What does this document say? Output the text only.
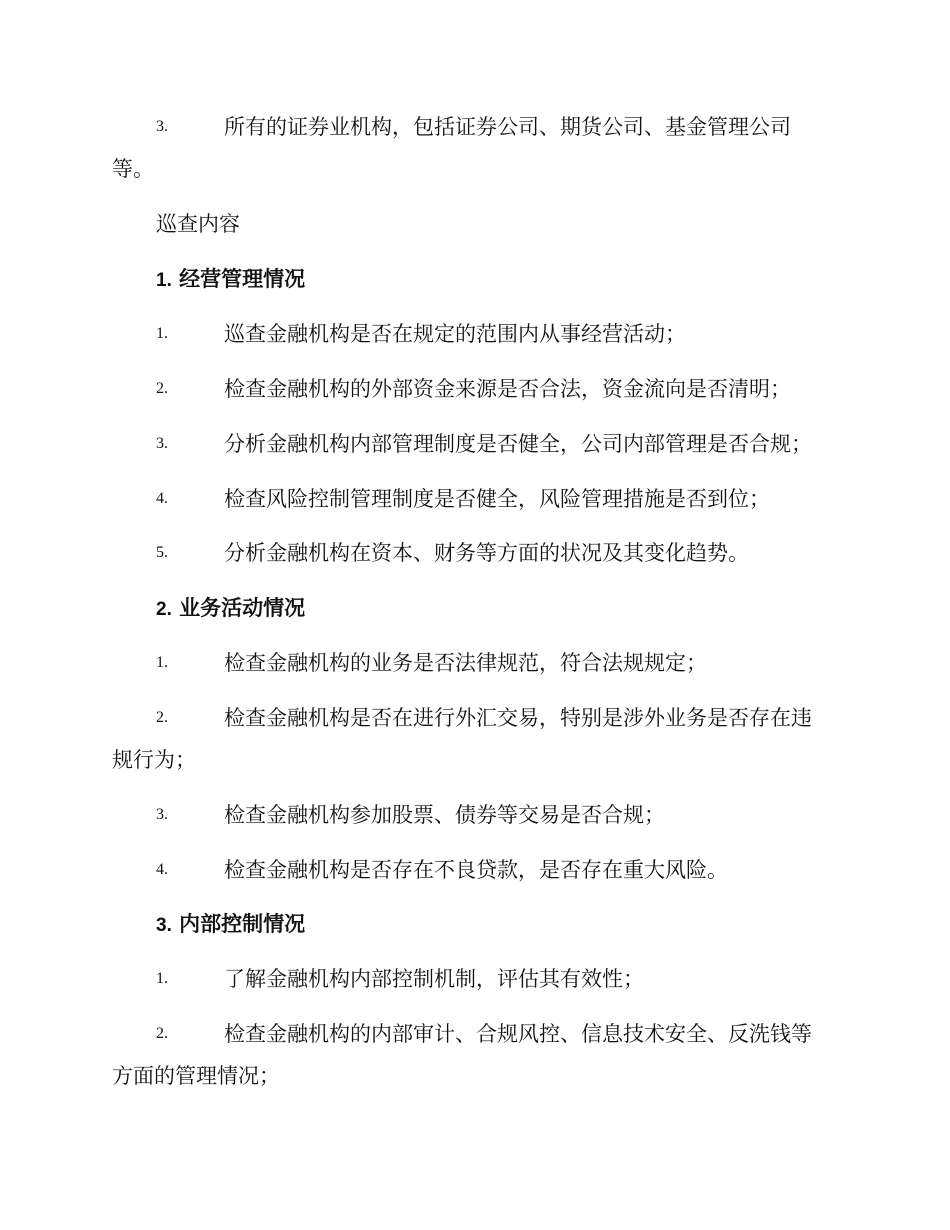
3.	所有的证券业机构，包括证券公司、期货公司、基金管理公司
等。
巡查内容
1. 经营管理情况
1.	巡查金融机构是否在规定的范围内从事经营活动；
2.	检查金融机构的外部资金来源是否合法，资金流向是否清明；
3.	分析金融机构内部管理制度是否健全，公司内部管理是否合规；
4.	检查风险控制管理制度是否健全，风险管理措施是否到位；
5.	分析金融机构在资本、财务等方面的状况及其变化趋势。
2. 业务活动情况
1.	检查金融机构的业务是否法律规范，符合法规规定；
2.	检查金融机构是否在进行外汇交易，特别是涉外业务是否存在违
规行为；
3.	检查金融机构参加股票、债券等交易是否合规；
4.	检查金融机构是否存在不良贷款，是否存在重大风险。
3. 内部控制情况
1.	了解金融机构内部控制机制，评估其有效性；
2.	检查金融机构的内部审计、合规风控、信息技术安全、反洗钱等
方面的管理情况；
